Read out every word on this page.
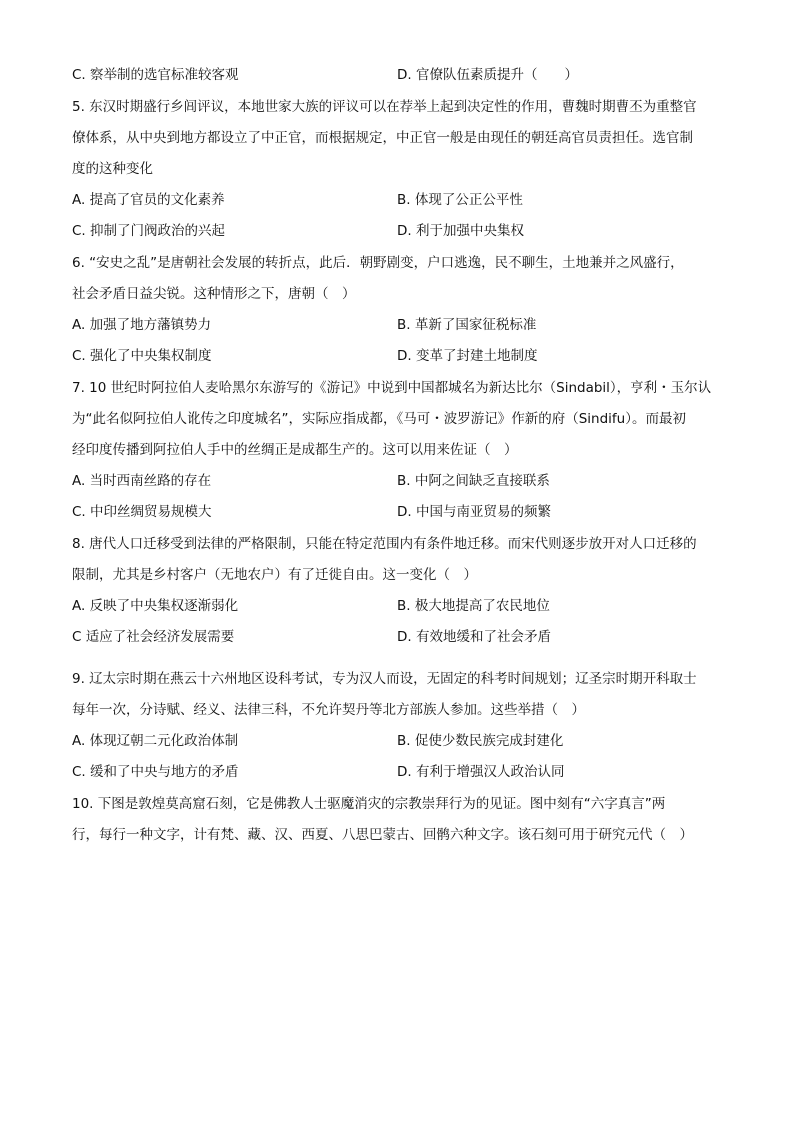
C. 察举制的选官标准较客观	D. 官僚队伍素质提升（　　）
5. 东汉时期盛行乡闾评议，本地世家大族的评议可以在荐举上起到决定性的作用，曹魏时期曹丕为重整官
僚体系，从中央到地方都设立了中正官，而根据规定，中正官一般是由现任的朝廷高官员责担任。选官制
度的这种变化
A. 提高了官员的文化素养	B. 体现了公正公平性
C. 抑制了门阀政治的兴起	D. 利于加强中央集权
6. “安史之乱”是唐朝社会发展的转折点，此后．朝野剧变，户口逃逸，民不聊生，土地兼并之风盛行，
社会矛盾日益尖锐。这种情形之下，唐朝（　）
A. 加强了地方藩镇势力	B. 革新了国家征税标准
C. 强化了中央集权制度	D. 变革了封建土地制度
7. 10 世纪时阿拉伯人麦哈黑尔东游写的《游记》中说到中国都城名为新达比尔（Sindabil），亨利・玉尔认
为“此名似阿拉伯人讹传之印度城名”，实际应指成都，《马可・波罗游记》作新的府（Sindifu）。而最初
经印度传播到阿拉伯人手中的丝绸正是成都生产的。这可以用来佐证（　）
A. 当时西南丝路的存在	B. 中阿之间缺乏直接联系
C. 中印丝绸贸易规模大	D. 中国与南亚贸易的频繁
8. 唐代人口迁移受到法律的严格限制，只能在特定范围内有条件地迁移。而宋代则逐步放开对人口迁移的
限制，尤其是乡村客户（无地农户）有了迁徙自由。这一变化（　）
A. 反映了中央集权逐渐弱化	B. 极大地提高了农民地位
C 适应了社会经济发展需要	D. 有效地缓和了社会矛盾
9. 辽太宗时期在燕云十六州地区设科考试，专为汉人而设，无固定的科考时间规划；辽圣宗时期开科取士
每年一次，分诗赋、经义、法律三科，不允许契丹等北方部族人参加。这些举措（　）
A. 体现辽朝二元化政治体制	B. 促使少数民族完成封建化
C. 缓和了中央与地方的矛盾	D. 有利于增强汉人政治认同
10. 下图是敦煌莫高窟石刻，它是佛教人士驱魔消灾的宗教崇拜行为的见证。图中刻有“六字真言”两
行，每行一种文字，计有梵、藏、汉、西夏、八思巴蒙古、回鹘六种文字。该石刻可用于研究元代（　）
